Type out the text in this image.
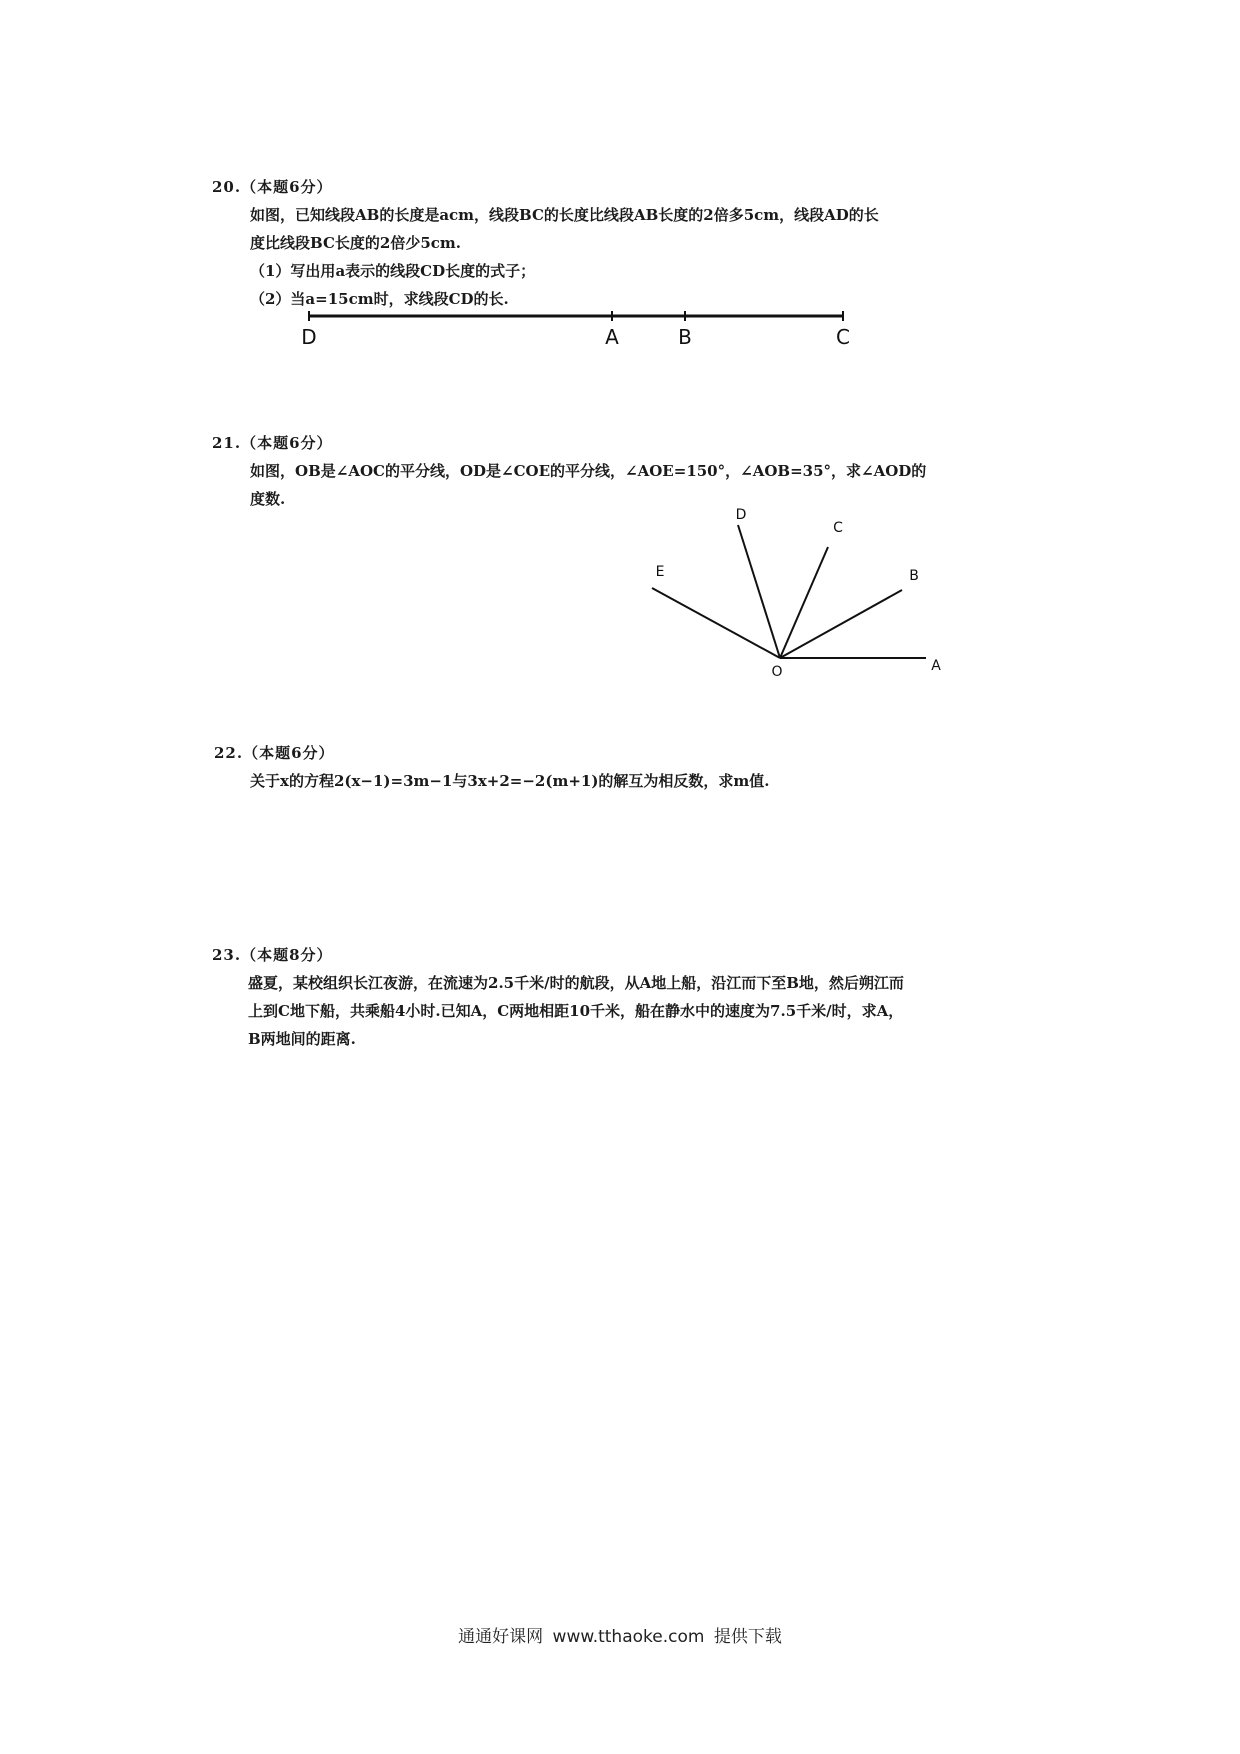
20.（本题6分）
如图，已知线段AB的长度是acm，线段BC的长度比线段AB长度的2倍多5cm，线段AD的长
度比线段BC长度的2倍少5cm.
（1）写出用a表示的线段CD长度的式子；
（2）当a=15cm时，求线段CD的长.
D	A	B	C
21.（本题6分）
如图，OB是∠AOC的平分线，OD是∠COE的平分线，∠AOE=150°，∠AOB=35°，求∠AOD的
度数.
D
C
E	B
O	A
22.（本题6分）
关于x的方程2(x−1)=3m−1与3x+2=−2(m+1)的解互为相反数，求m值.
23.（本题8分）
盛夏，某校组织长江夜游，在流速为2.5千米/时的航段，从A地上船，沿江而下至B地，然后朔江而
上到C地下船，共乘船4小时.已知A，C两地相距10千米，船在静水中的速度为7.5千米/时，求A，
B两地间的距离.
通通好课网 www.tthaoke.com 提供下载
